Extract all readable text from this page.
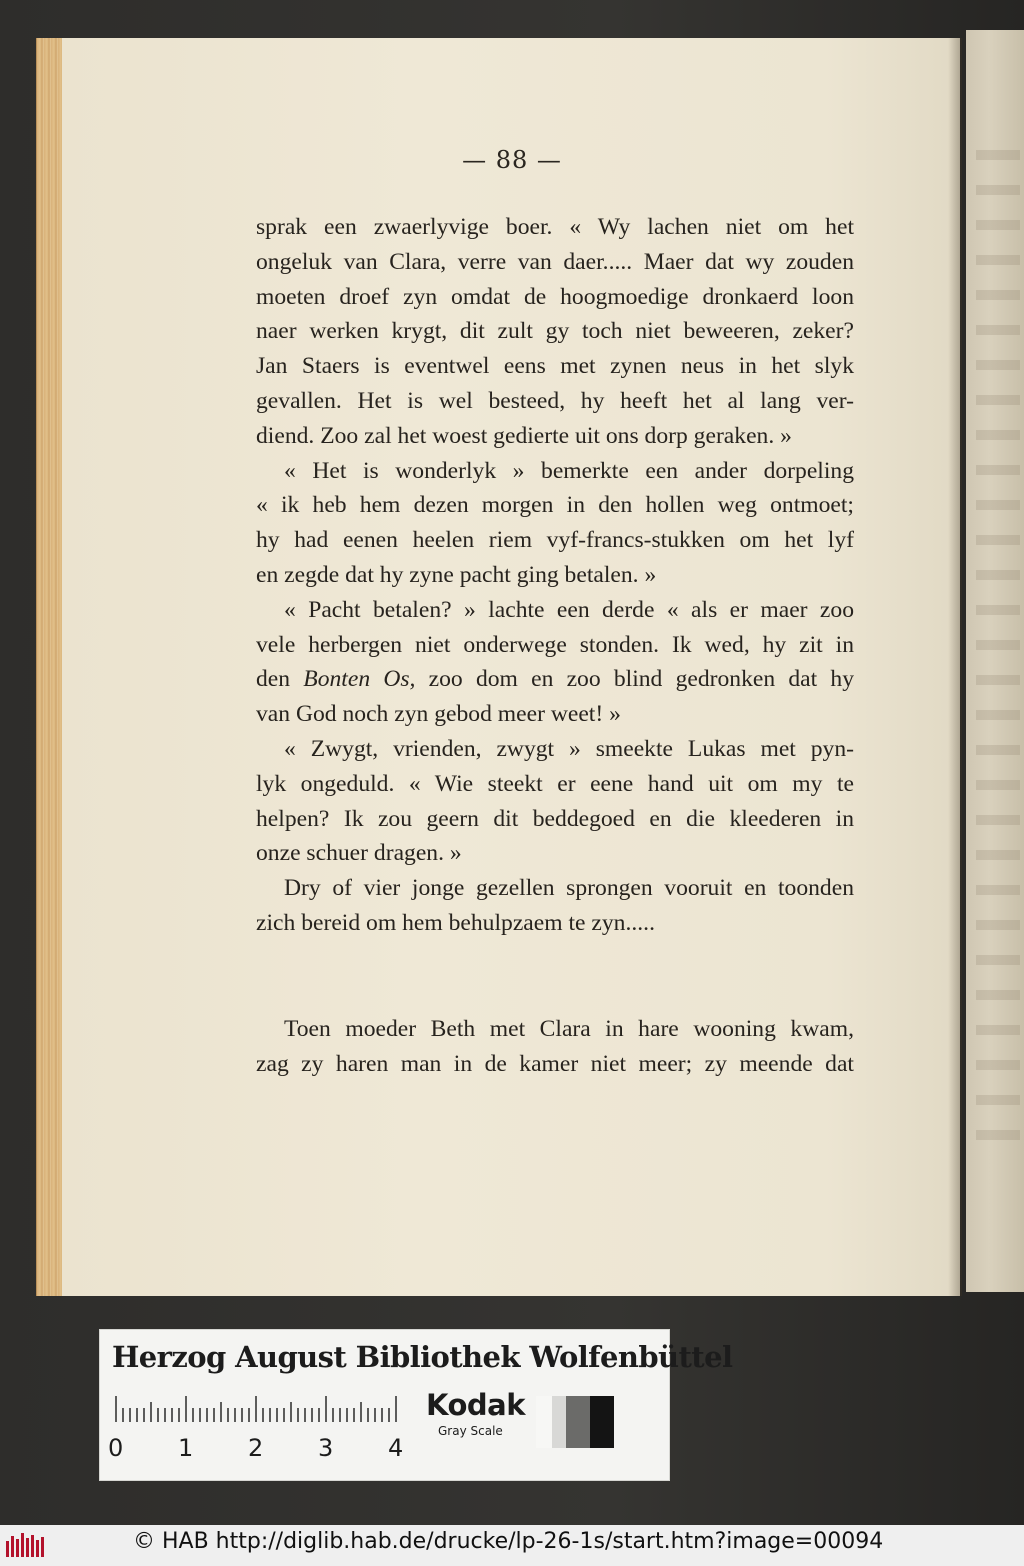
— 88 —
sprak een zwaerlyvige boer. « Wy lachen niet om het
ongeluk van Clara, verre van daer..... Maer dat wy zouden
moeten droef zyn omdat de hoogmoedige dronkaerd loon
naer werken krygt, dit zult gy toch niet beweeren, zeker?
Jan Staers is eventwel eens met zynen neus in het slyk
gevallen. Het is wel besteed, hy heeft het al lang ver-
diend. Zoo zal het woest gedierte uit ons dorp geraken. »
« Het is wonderlyk » bemerkte een ander dorpeling
« ik heb hem dezen morgen in den hollen weg ontmoet;
hy had eenen heelen riem vyf-francs-stukken om het lyf
en zegde dat hy zyne pacht ging betalen. »
« Pacht betalen? » lachte een derde « als er maer zoo
vele herbergen niet onderwege stonden. Ik wed, hy zit in
den Bonten Os, zoo dom en zoo blind gedronken dat hy
van God noch zyn gebod meer weet! »
« Zwygt, vrienden, zwygt » smeekte Lukas met pyn-
lyk ongeduld. « Wie steekt er eene hand uit om my te
helpen? Ik zou geern dit beddegoed en die kleederen in
onze schuer dragen. »
Dry of vier jonge gezellen sprongen vooruit en toonden
zich bereid om hem behulpzaem te zyn.....
Toen moeder Beth met Clara in hare wooning kwam,
zag zy haren man in de kamer niet meer; zy meende dat
Herzog August Bibliothek Wolfenbüttel
0 1 2 3 4
Kodak
Gray Scale
© HAB http://diglib.hab.de/drucke/lp-26-1s/start.htm?image=00094
